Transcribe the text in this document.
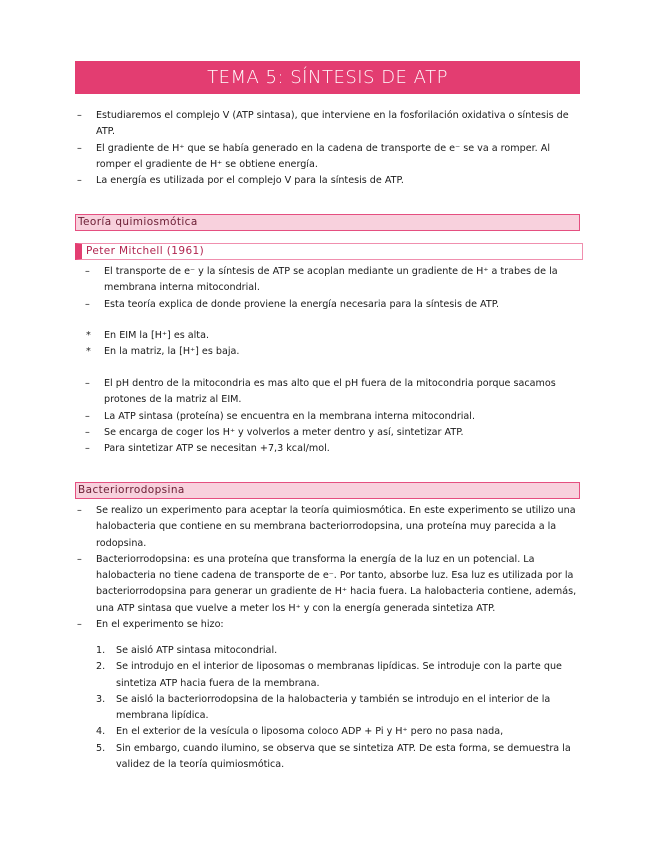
TEMA 5: SÍNTESIS DE ATP
– Estudiaremos el complejo V (ATP sintasa), que interviene en la fosforilación oxidativa o síntesis de ATP.
– El gradiente de H⁺ que se había generado en la cadena de transporte de e⁻ se va a romper. Al romper el gradiente de H⁺ se obtiene energía.
– La energía es utilizada por el complejo V para la síntesis de ATP.
Teoría quimiosmótica
Peter Mitchell (1961)
– El transporte de e⁻ y la síntesis de ATP se acoplan mediante un gradiente de H⁺ a trabes de la membrana interna mitocondrial.
– Esta teoría explica de donde proviene la energía necesaria para la síntesis de ATP.
* En EIM la [H⁺] es alta.
* En la matriz, la [H⁺] es baja.
– El pH dentro de la mitocondria es mas alto que el pH fuera de la mitocondria porque sacamos protones de la matriz al EIM.
– La ATP sintasa (proteína) se encuentra en la membrana interna mitocondrial.
– Se encarga de coger los H⁺ y volverlos a meter dentro y así, sintetizar ATP.
– Para sintetizar ATP se necesitan +7,3 kcal/mol.
Bacteriorrodopsina
– Se realizo un experimento para aceptar la teoría quimiosmótica. En este experimento se utilizo una halobacteria que contiene en su membrana bacteriorrodopsina, una proteína muy parecida a la rodopsina.
– Bacteriorrodopsina: es una proteína que transforma la energía de la luz en un potencial. La halobacteria no tiene cadena de transporte de e⁻. Por tanto, absorbe luz. Esa luz es utilizada por la bacteriorrodopsina para generar un gradiente de H⁺ hacia fuera. La halobacteria contiene, además, una ATP sintasa que vuelve a meter los H⁺ y con la energía generada sintetiza ATP.
– En el experimento se hizo:
1. Se aisló ATP sintasa mitocondrial.
2. Se introdujo en el interior de liposomas o membranas lipídicas. Se introduje con la parte que sintetiza ATP hacia fuera de la membrana.
3. Se aisló la bacteriorrodopsina de la halobacteria y también se introdujo en el interior de la membrana lipídica.
4. En el exterior de la vesícula o liposoma coloco ADP + Pi y H⁺ pero no pasa nada,
5. Sin embargo, cuando ilumino, se observa que se sintetiza ATP. De esta forma, se demuestra la validez de la teoría quimiosmótica.
